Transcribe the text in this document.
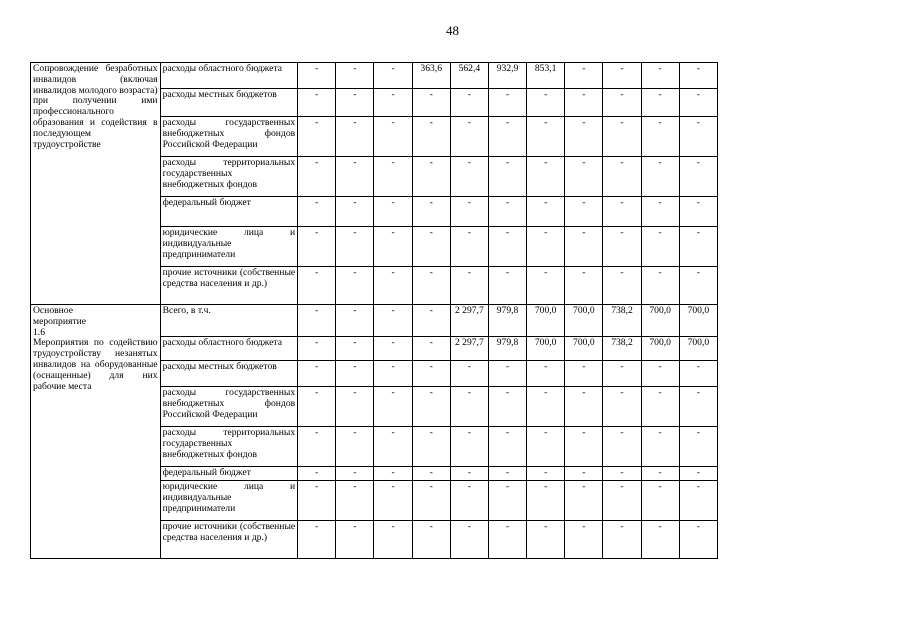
48
Сопровождение безработных инвалидов (включая инвалидов молодого возраста) при получении ими профессионального образования и содействия в последующем трудоустройстве	расходы областного бюджета	-	-	-	363,6	562,4	932,9	853,1	-	-	-	-
	расходы местных бюджетов	-	-	-	-	-	-	-	-	-	-	-
	расходы государственных внебюджетных фондов Российской Федерации	-	-	-	-	-	-	-	-	-	-	-
	расходы территориальных государственных внебюджетных фондов	-	-	-	-	-	-	-	-	-	-	-
	федеральный бюджет	-	-	-	-	-	-	-	-	-	-	-
	юридические лица и индивидуальные предприниматели	-	-	-	-	-	-	-	-	-	-	-
	прочие источники (собственные средства населения и др.)	-	-	-	-	-	-	-	-	-	-	-

Основное мероприятие 1.6
Мероприятия по содействию трудоустройству незанятых инвалидов на оборудованные (оснащенные) для них рабочие места	Всего, в т.ч.	-	-	-	-	2 297,7	979,8	700,0	700,0	738,2	700,0	700,0
	расходы областного бюджета	-	-	-	-	2 297,7	979,8	700,0	700,0	738,2	700,0	700,0
	расходы местных бюджетов	-	-	-	-	-	-	-	-	-	-	-
	расходы государственных внебюджетных фондов Российской Федерации	-	-	-	-	-	-	-	-	-	-	-
	расходы территориальных государственных внебюджетных фондов	-	-	-	-	-	-	-	-	-	-	-
	федеральный бюджет	-	-	-	-	-	-	-	-	-	-	-
	юридические лица и индивидуальные предприниматели	-	-	-	-	-	-	-	-	-	-	-
	прочие источники (собственные средства населения и др.)	-	-	-	-	-	-	-	-	-	-	-
